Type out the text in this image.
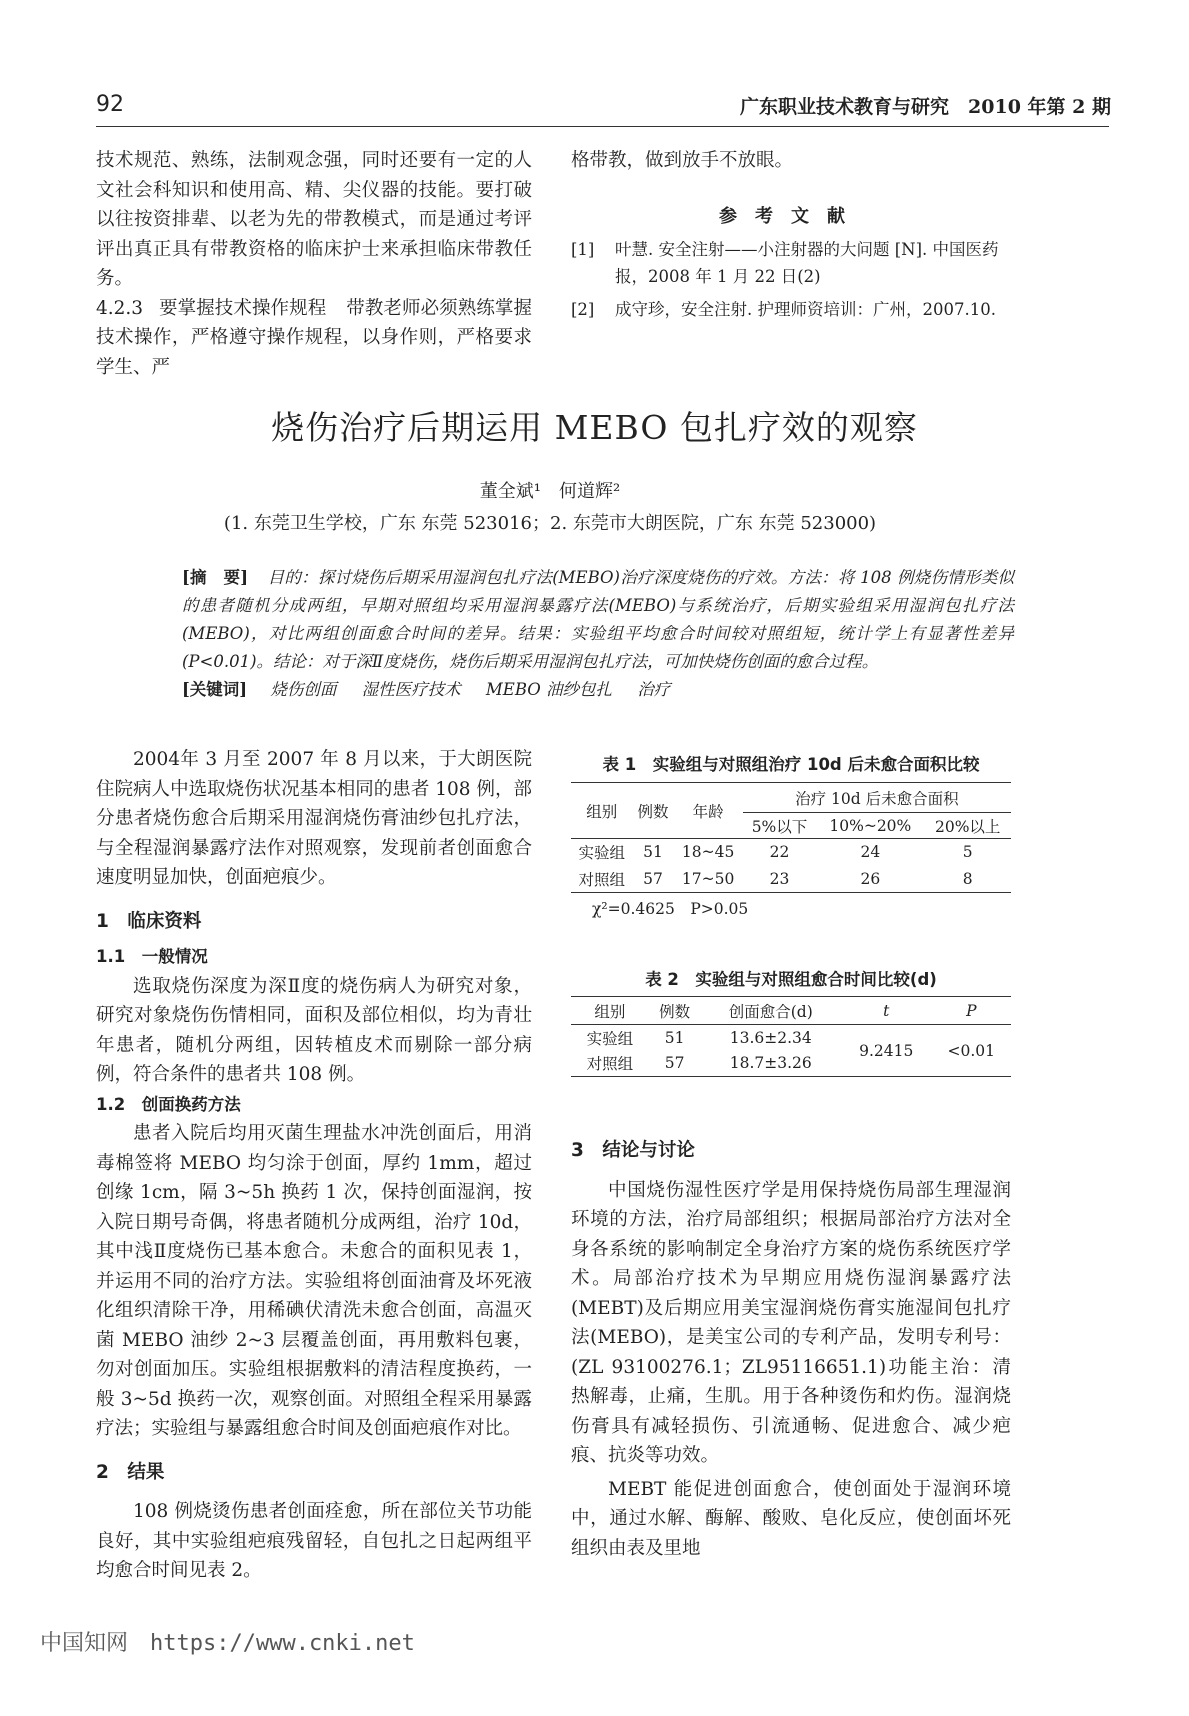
92	广东职业技术教育与研究　2010 年第 2 期

技术规范、熟练，法制观念强，同时还要有一定的人文社会科知识和使用高、精、尖仪器的技能。要打破以往按资排辈、以老为先的带教模式，而是通过考评评出真正具有带教资格的临床护士来承担临床带教任务。

4.2.3 要掌握技术操作规程 带教老师必须熟练掌握技术操作，严格遵守操作规程，以身作则，严格要求学生、严

格带教，做到放手不放眼。
参考文献
[1] 叶慧. 安全注射——小注射器的大问题 [N]. 中国医药报，2008 年 1 月 22 日(2)
[2] 成守珍，安全注射. 护理师资培训：广州，2007.10.
烧伤治疗后期运用 MEBO 包扎疗效的观察
董全斌¹　何道辉²
(1. 东莞卫生学校，广东 东莞 523016；2. 东莞市大朗医院，广东 东莞 523000)
[摘　要] 目的：探讨烧伤后期采用湿润包扎疗法(MEBO)治疗深度烧伤的疗效。方法：将 108 例烧伤情形类似的患者随机分成两组，早期对照组均采用湿润暴露疗法(MEBO)与系统治疗，后期实验组采用湿润包扎疗法(MEBO)，对比两组创面愈合时间的差异。结果：实验组平均愈合时间较对照组短，统计学上有显著性差异(P<0.01)。结论：对于深Ⅱ度烧伤，烧伤后期采用湿润包扎疗法，可加快烧伤创面的愈合过程。
[关键词] 烧伤创面 湿性医疗技术 MEBO 油纱包扎 治疗

2004年 3 月至 2007 年 8 月以来，于大朗医院住院病人中选取烧伤状况基本相同的患者 108 例，部分患者烧伤愈合后期采用湿润烧伤膏油纱包扎疗法，与全程湿润暴露疗法作对照观察，发现前者创面愈合速度明显加快，创面疤痕少。

1　临床资料
1.1　一般情况

选取烧伤深度为深Ⅱ度的烧伤病人为研究对象，研究对象烧伤伤情相同，面积及部位相似，均为青壮年患者，随机分两组，因转植皮术而剔除一部分病例，符合条件的患者共 108 例。

1.2　创面换药方法

患者入院后均用灭菌生理盐水冲洗创面后，用消毒棉签将 MEBO 均匀涂于创面，厚约 1mm，超过创缘 1cm，隔 3~5h 换药 1 次，保持创面湿润，按入院日期号奇偶，将患者随机分成两组，治疗 10d，其中浅Ⅱ度烧伤已基本愈合。未愈合的面积见表 1，并运用不同的治疗方法。实验组将创面油膏及坏死液化组织清除干净，用稀碘伏清洗未愈合创面，高温灭菌 MEBO 油纱 2~3 层覆盖创面，再用敷料包裹，勿对创面加压。实验组根据敷料的清洁程度换药，一般 3~5d 换药一次，观察创面。对照组全程采用暴露疗法；实验组与暴露组愈合时间及创面疤痕作对比。

2　结果

108 例烧烫伤患者创面痊愈，所在部位关节功能良好，其中实验组疤痕残留轻，自包扎之日起两组平均愈合时间见表 2。

表 1　实验组与对照组治疗 10d 后未愈合面积比较
组别	例数	年龄	治疗 10d 后未愈合面积		
			5%以下	10%~20%	20%以上
实验组	51	18~45	22	24	5
对照组	57	17~50	23	26	8
χ²=0.4625　P>0.05
表 2　实验组与对照组愈合时间比较(d)
组别	例数	创面愈合(d)	t	P
实验组	51	13.6±2.34	9.2415	<0.01
对照组	57	18.7±3.26		
3　结论与讨论

中国烧伤湿性医疗学是用保持烧伤局部生理湿润环境的方法，治疗局部组织；根据局部治疗方法对全身各系统的影响制定全身治疗方案的烧伤系统医疗学术。局部治疗技术为早期应用烧伤湿润暴露疗法(MEBT)及后期应用美宝湿润烧伤膏实施湿间包扎疗法(MEBO)，是美宝公司的专利产品，发明专利号：(ZL 93100276.1；ZL95116651.1)功能主治：清热解毒，止痛，生肌。用于各种烫伤和灼伤。湿润烧伤膏具有减轻损伤、引流通畅、促进愈合、减少疤痕、抗炎等功效。

MEBT 能促进创面愈合，使创面处于湿润环境中，通过水解、酶解、酸败、皂化反应，使创面坏死组织由表及里地

中国知网　https://www.cnki.net
